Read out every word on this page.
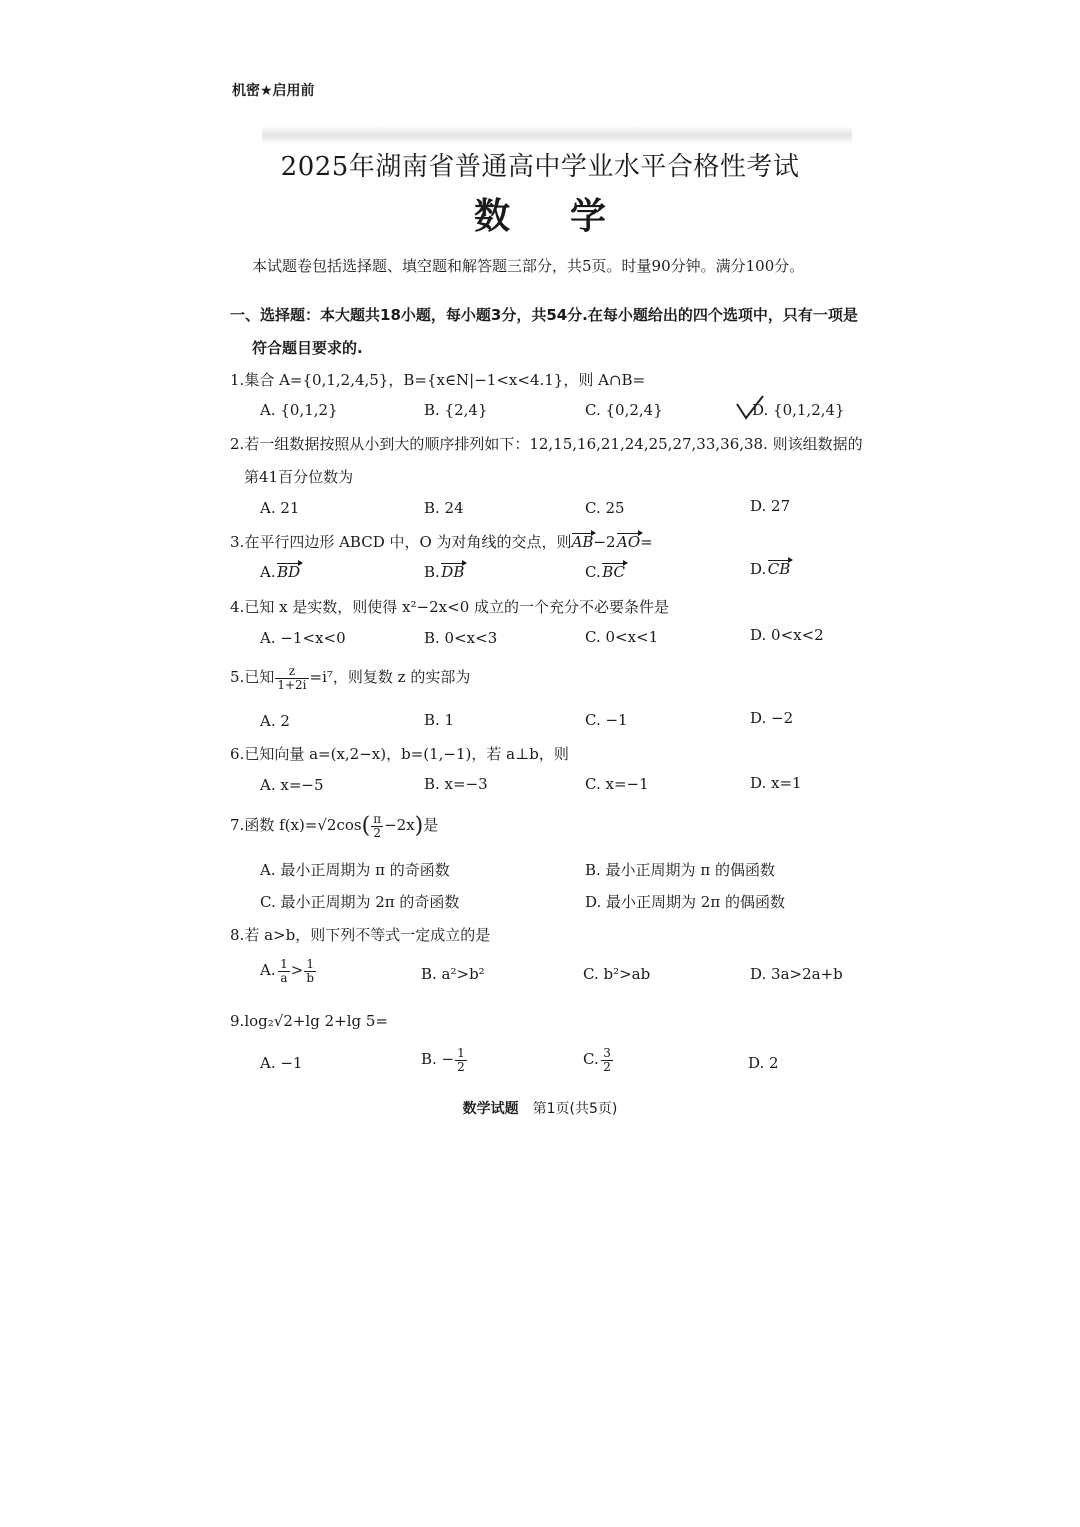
机密★启用前
2025年湖南省普通高中学业水平合格性考试
数学
本试题卷包括选择题、填空题和解答题三部分，共5页。时量90分钟。满分100分。
一、选择题：本大题共18小题，每小题3分，共54分.在每小题给出的四个选项中，只有一项是
符合题目要求的.
1.集合 A={0,1,2,4,5}，B={x∈N|−1<x<4.1}，则 A∩B=
A. {0,1,2}	B. {2,4}	C. {0,2,4}	D. {0,1,2,4}
2.若一组数据按照从小到大的顺序排列如下：12,15,16,21,24,25,27,33,36,38. 则该组数据的
第41百分位数为
A. 21	B. 24	C. 25	D. 27
3.在平行四边形 ABCD 中，O 为对角线的交点，则AB−2 AO=
A.  BD	B.  DB	C.  BC	D.  CB
4.已知 x 是实数，则使得 x²−2x<0 成立的一个充分不必要条件是
A. −1<x<0	B. 0<x<3	C. 0<x<1	D. 0<x<2
5.已知 $\frac{z}{1+2i} =i^7$，则复数 z 的实部为
A. 2	B. 1	C. −1	D. −2
6.已知向量 a=(x,2−x)，b=(1,−1)，若 a⊥b，则
A. x=−5	B. x=−3	C. x=−1	D. x=1
7.函数 $f(x)=√2\cos( \frac{\pi}{2} -2x)$是
A. 最小正周期为 π 的奇函数	B. 最小正周期为 π 的偶函数
C. 最小正周期为 2π 的奇函数	D. 最小正周期为 2π 的偶函数
8.若 a>b，则下列不等式一定成立的是
A.  $\frac{1}{a} > \frac{1}{b}$	B. a²>b²	C. b²>ab	D. 3a>2a+b
9.log₂√2+lg 2+lg 5=
A. −1	B. − $\frac{1}{2}$	C.  $\frac{3}{2}$	D. 2
数学试题 第1页(共5页)
